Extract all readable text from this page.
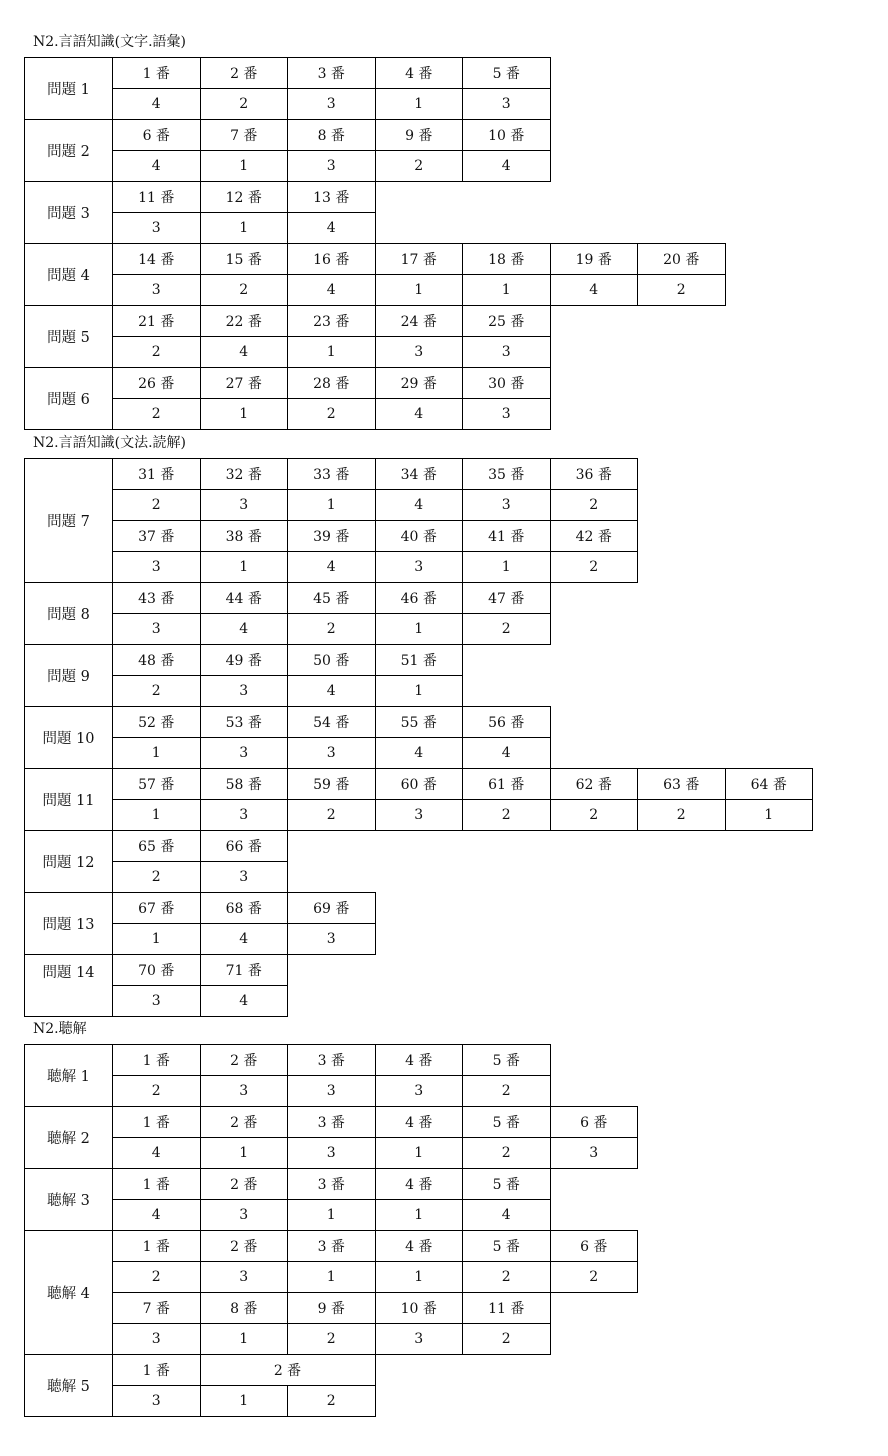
N2.言語知識(文字.語彙)
N2.言語知識(文法.読解)
N2.聴解
問題 1
1 番	2 番	3 番	4 番	5 番
4	2	3	1	3
問題 2
6 番	7 番	8 番	9 番	10 番
4	1	3	2	4
問題 3
11 番	12 番	13 番
3	1	4
問題 4
14 番	15 番	16 番	17 番	18 番	19 番	20 番
3	2	4	1	1	4	2
問題 5
21 番	22 番	23 番	24 番	25 番
2	4	1	3	3
問題 6
26 番	27 番	28 番	29 番	30 番
2	1	2	4	3
問題 7
31 番	32 番	33 番	34 番	35 番	36 番
2	3	1	4	3	2
37 番	38 番	39 番	40 番	41 番	42 番
3	1	4	3	1	2
問題 8
43 番	44 番	45 番	46 番	47 番
3	4	2	1	2
問題 9
48 番	49 番	50 番	51 番
2	3	4	1
問題 10
52 番	53 番	54 番	55 番	56 番
1	3	3	4	4
問題 11
57 番	58 番	59 番	60 番	61 番	62 番	63 番	64 番
1	3	2	3	2	2	2	1
問題 12
65 番	66 番
2	3
問題 13
67 番	68 番	69 番
1	4	3
問題 14	70 番	71 番
3	4
聴解 1
1 番	2 番	3 番	4 番	5 番
2	3	3	3	2
聴解 2
1 番	2 番	3 番	4 番	5 番	6 番
4	1	3	1	2	3
聴解 3
1 番	2 番	3 番	4 番	5 番
4	3	1	1	4
聴解 4
1 番	2 番	3 番	4 番	5 番	6 番
2	3	1	1	2	2
7 番	8 番	9 番	10 番	11 番
3	1	2	3	2
聴解 5
1 番	2 番
3	1	2
